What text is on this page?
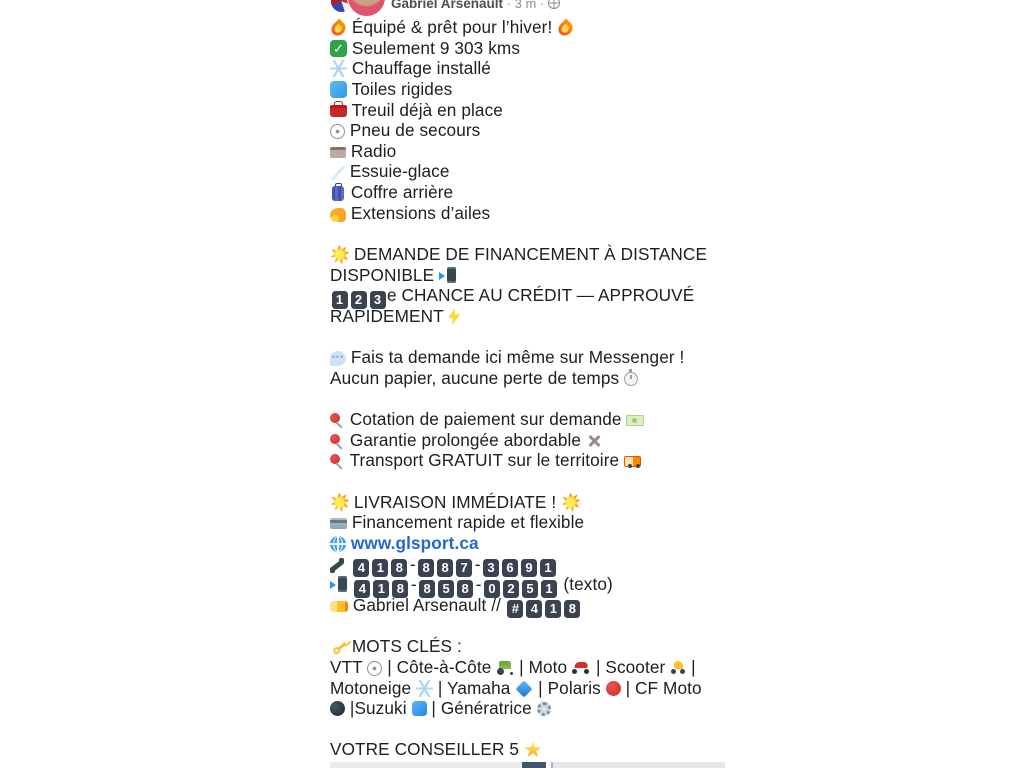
Gabriel Arsenault · 3 m ·
Équipé & prêt pour l’hiver!
✓ Seulement 9 303 kms
Chauffage installé
Toiles rigides
Treuil déjà en place
Pneu de secours
Radio
Essuie-glace
Coffre arrière
Extensions d’ailes
DEMANDE DE FINANCEMENT À DISTANCE
DISPONIBLE
1 2 3 e CHANCE AU CRÉDIT — APPROUVÉ
RAPIDEMENT
••• Fais ta demande ici même sur Messenger !
Aucun papier, aucune perte de temps
Cotation de paiement sur demande
Garantie prolongée abordable
Transport GRATUIT sur le territoire
LIVRAISON IMMÉDIATE !
Financement rapide et flexible
www.glsport.ca
4 1 8 - 8 8 7 - 3 6 9 1
4 1 8 - 8 5 8 - 0 2 5 1 (texto)
Gabriel Arsenault // # 4 1 8
MOTS CLÉS :
VTT  | Côte-à-Côte  | Moto  | Scooter  |
Motoneige  | Yamaha  | Polaris  | CF Moto
|Suzuki  | Génératrice
VOTRE CONSEILLER 5
